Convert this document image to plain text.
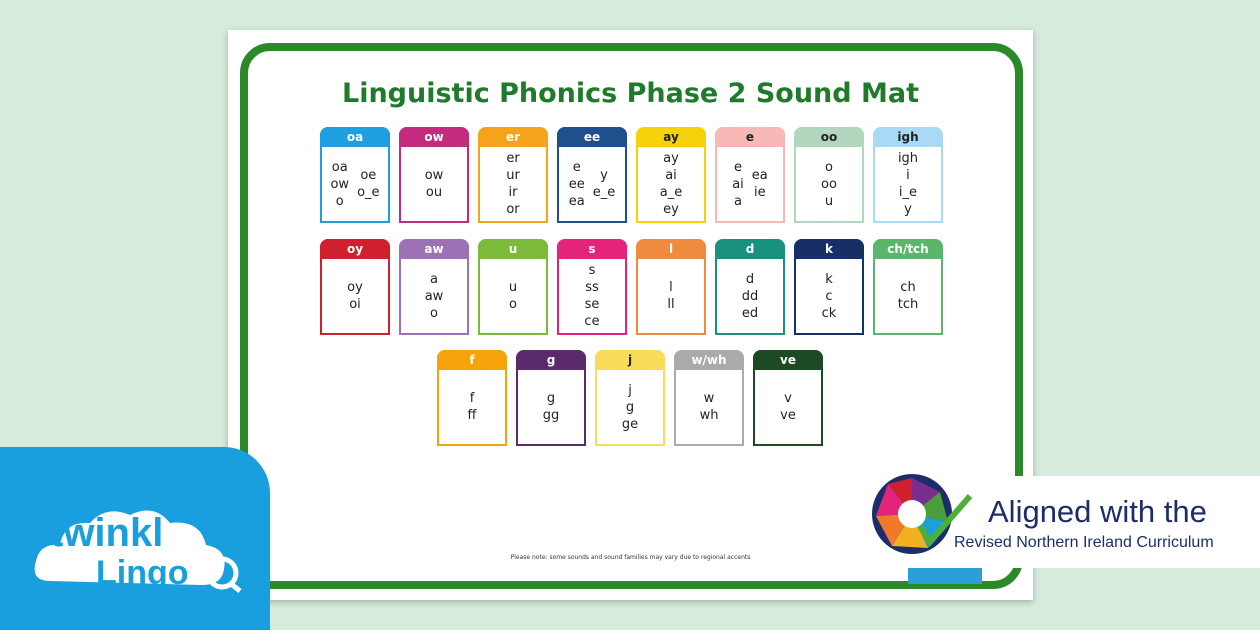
Linguistic Phonics Phase 2 Sound Mat
oa
oa
ow
o
oe
o_e
ow
ow
ou
er
er
ur
ir
or
ee
e
ee
ea
y
e_e
ay
ay
ai
a_e
ey
e
e
ai
a
ea
ie
oo
o
oo
u
igh
igh
i
i_e
y
oy
oy
oi
aw
a
aw
o
u
u
o
s
s
ss
se
ce
l
l
ll
d
d
dd
ed
k
k
c
ck
ch/tch
ch
tch
f
f
ff
g
g
gg
j
j
g
ge
w/wh
w
wh
ve
v
ve
Please note: some sounds and sound families may vary due to regional accents
twinkl
Lingo
Aligned with the
Revised Northern Ireland Curriculum
